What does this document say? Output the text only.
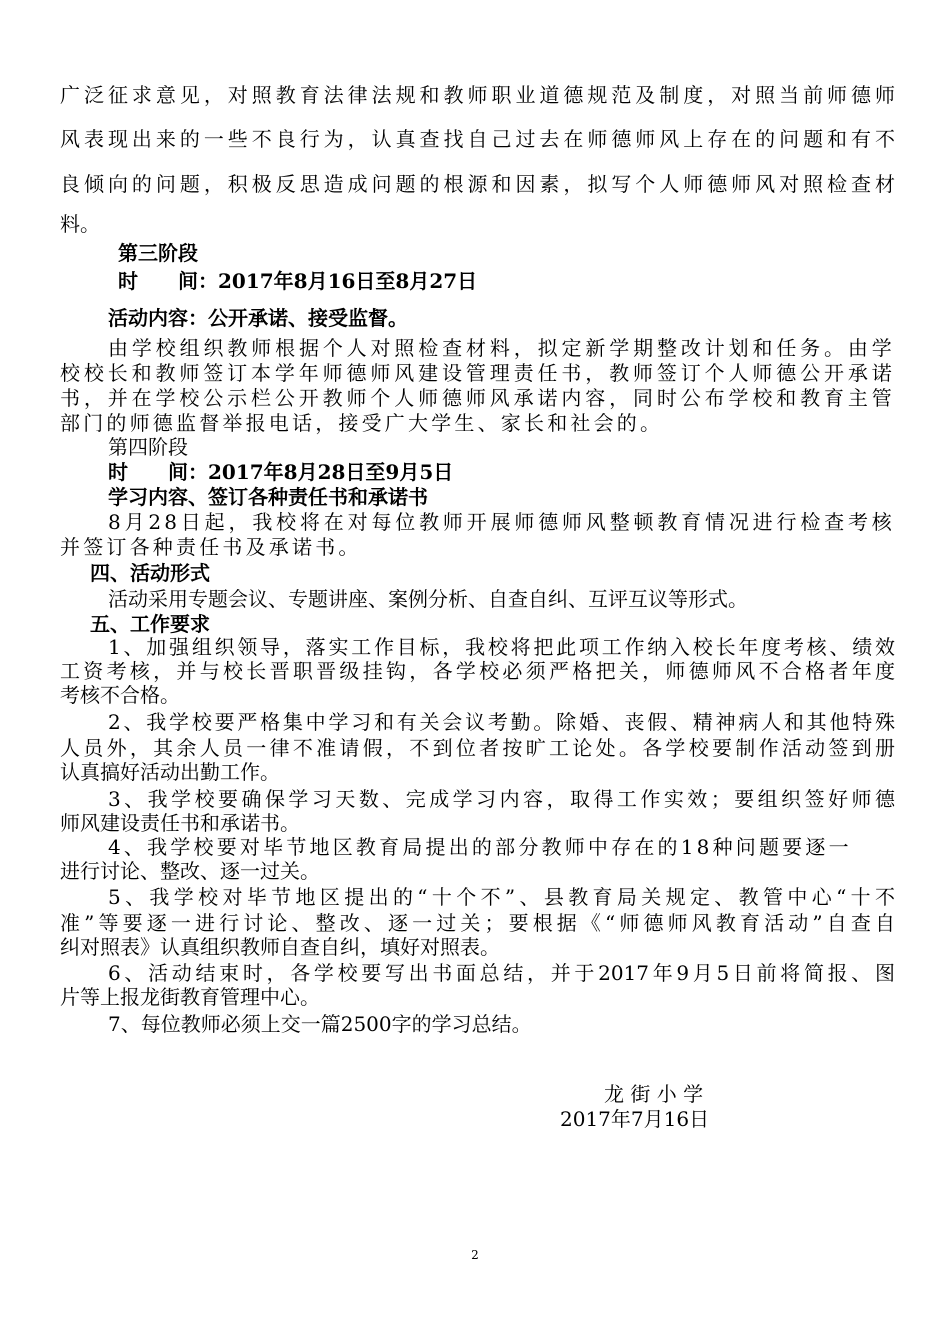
广泛征求意见，对照教育法律法规和教师职业道德规范及制度，对照当前师德师
风表现出来的一些不良行为，认真查找自己过去在师德师风上存在的问题和有不
良倾向的问题，积极反思造成问题的根源和因素，拟写个人师德师风对照检查材
料。
第三阶段
时　　间：2017年8月16日至8月27日
活动内容：公开承诺、接受监督。
由学校组织教师根据个人对照检查材料，拟定新学期整改计划和任务。由学
校校长和教师签订本学年师德师风建设管理责任书，教师签订个人师德公开承诺
书，并在学校公示栏公开教师个人师德师风承诺内容，同时公布学校和教育主管
部门的师德监督举报电话，接受广大学生、家长和社会的。
第四阶段
时　　间：2017年8月28日至9月5日
学习内容、签订各种责任书和承诺书
8月28日起，我校将在对每位教师开展师德师风整顿教育情况进行检查考核
并签订各种责任书及承诺书。
四、活动形式
活动采用专题会议、专题讲座、案例分析、自查自纠、互评互议等形式。
五、工作要求
1、加强组织领导，落实工作目标，我校将把此项工作纳入校长年度考核、绩效
工资考核，并与校长晋职晋级挂钩，各学校必须严格把关，师德师风不合格者年度
考核不合格。
2、我学校要严格集中学习和有关会议考勤。除婚、丧假、精神病人和其他特殊
人员外，其余人员一律不准请假，不到位者按旷工论处。各学校要制作活动签到册
认真搞好活动出勤工作。
3、我学校要确保学习天数、完成学习内容，取得工作实效；要组织签好师德
师风建设责任书和承诺书。
4、我学校要对毕节地区教育局提出的部分教师中存在的18种问题要逐一
进行讨论、整改、逐一过关。
5、我学校对毕节地区提出的“十个不”、县教育局关规定、教管中心“十不
准”等要逐一进行讨论、整改、逐一过关；要根据《“师德师风教育活动”自查自
纠对照表》认真组织教师自查自纠，填好对照表。
6、活动结束时，各学校要写出书面总结，并于2017年9月5日前将简报、图
片等上报龙街教育管理中心。
7、每位教师必须上交一篇2500字的学习总结。
龙 街 小 学
2017年7月16日
2
